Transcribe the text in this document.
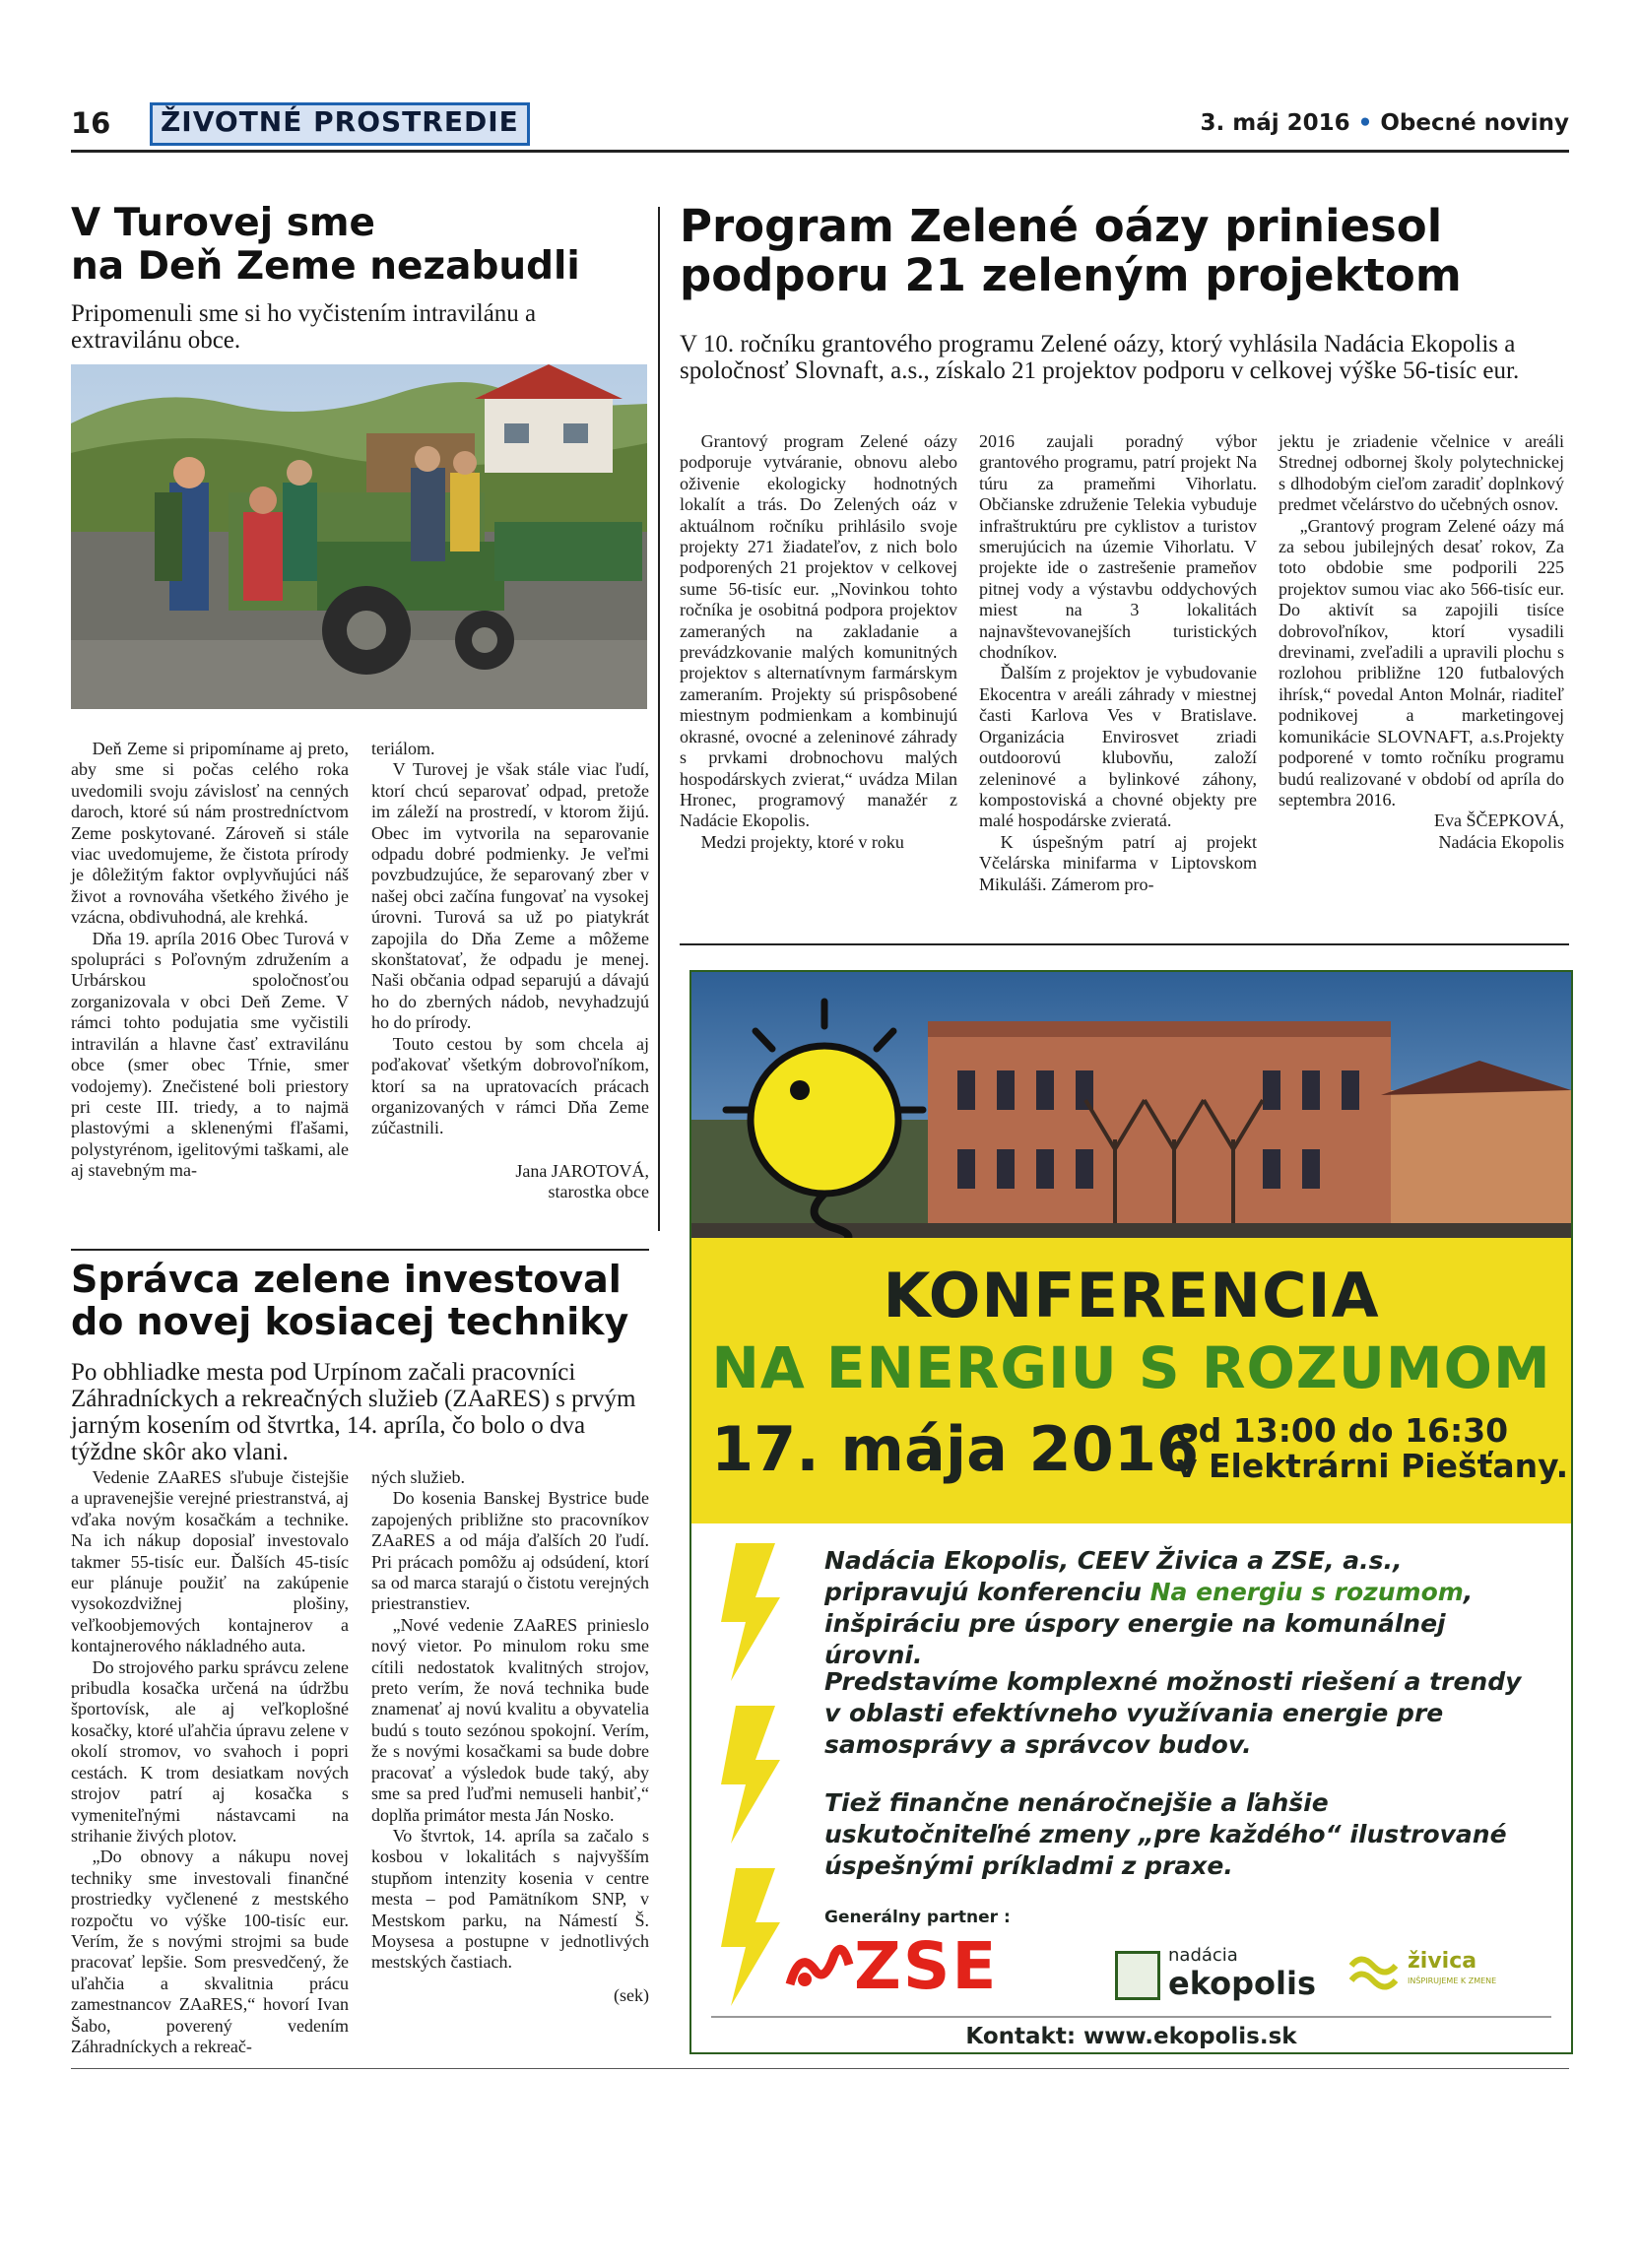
16	ŽIVOTNÉ PROSTREDIE	3. máj 2016 • Obecné noviny
V Turovej sme
na Deň Zeme nezabudli
Pripomenuli sme si ho vyčistením intravilánu a extravilánu obce.

Deň Zeme si pripomíname aj preto, aby sme si počas celého roka uvedomili svoju závislosť na cenných daroch, ktoré sú nám prostredníctvom Zeme poskytované. Zároveň si stále viac uvedomujeme, že čistota prírody je dôležitým faktor ovplyvňujúci náš život a rovnováha všetkého živého je vzácna, obdivuhodná, ale krehká.

Dňa 19. apríla 2016 Obec Turová v spolupráci s Poľovným združením a Urbárskou spoločnosťou zorganizovala v obci Deň Zeme. V rámci tohto podujatia sme vyčistili intravilán a hlavne časť extravilánu obce (smer obec Tŕnie, smer vodojemy). Znečistené boli priestory pri ceste III. triedy, a to najmä plastovými a sklenenými fľašami, polystyrénom, igelitovými taškami, ale aj stavebným ma-

teriálom.

V Turovej je však stále viac ľudí, ktorí chcú separovať odpad, pretože im záleží na prostredí, v ktorom žijú. Obec im vytvorila na separovanie odpadu dobré podmienky. Je veľmi povzbudzujúce, že separovaný zber v našej obci začína fungovať na vysokej úrovni. Turová sa už po piatykrát zapojila do Dňa Zeme a môžeme skonštatovať, že odpadu je menej. Naši občania odpad separujú a dávajú ho do zberných nádob, nevyhadzujú ho do prírody.

Touto cestou by som chcela aj poďakovať všetkým dobrovoľníkom, ktorí sa na upratovacích prácach organizovaných v rámci Dňa Zeme zúčastnili.

Jana JAROTOVÁ,
starostka obce
Program Zelené oázy priniesol
podporu 21 zeleným projektom
V 10. ročníku grantového programu Zelené oázy, ktorý vyhlásila Nadácia Ekopolis a spoločnosť Slovnaft, a.s., získalo 21 projektov podporu v celkovej výške 56-tisíc eur.

Grantový program Zelené oázy podporuje vytváranie, obnovu alebo oživenie ekologicky hodnotných lokalít a trás. Do Zelených oáz v aktuálnom ročníku prihlásilo svoje projekty 271 žiadateľov, z nich bolo podporených 21 projektov v celkovej sume 56-tisíc eur. „Novinkou tohto ročníka je osobitná podpora projektov zameraných na zakladanie a prevádzkovanie malých komunitných projektov s alternatívnym farmárskym zameraním. Projekty sú prispôsobené miestnym podmienkam a kombinujú okrasné, ovocné a zeleninové záhrady s prvkami drobnochovu malých hospodárskych zvierat,“ uvádza Milan Hronec, programový manažér z Nadácie Ekopolis.

Medzi projekty, ktoré v roku

2016 zaujali poradný výbor grantového programu, patrí projekt Na túru za prameňmi Vihorlatu. Občianske združenie Telekia vybuduje infraštruktúru pre cyklistov a turistov smerujúcich na územie Vihorlatu. V projekte ide o zastrešenie prameňov pitnej vody a výstavbu oddychových miest na 3 lokalitách najnavštevovanejších turistických chodníkov.

Ďalším z projektov je vybudovanie Ekocentra v areáli záhrady v miestnej časti Karlova Ves v Bratislave. Organizácia Envirosvet zriadi outdoorovú klubovňu, založí zeleninové a bylinkové záhony, kompostoviská a chovné objekty pre malé hospodárske zvieratá.

K úspešným patrí aj projekt Včelárska minifarma v Liptovskom Mikuláši. Zámerom pro-

jektu je zriadenie včelnice v areáli Strednej odbornej školy polytechnickej s dlhodobým cieľom zaradiť doplnkový predmet včelárstvo do učebných osnov.

„Grantový program Zelené oázy má za sebou jubilejných desať rokov, Za toto obdobie sme podporili 225 projektov sumou viac ako 566-tisíc eur. Do aktivít sa zapojili tisíce dobrovoľníkov, ktorí vysadili drevinami, zveľadili a upravili plochu s rozlohou približne 120 futbalových ihrísk,“ povedal Anton Molnár, riaditeľ podnikovej a marketingovej komunikácie SLOVNAFT, a.s.Projekty podporené v tomto ročníku programu budú realizované v období od apríla do septembra 2016.

Eva ŠČEPKOVÁ,
Nadácia Ekopolis
Správca zelene investoval
do novej kosiacej techniky
Po obhliadke mesta pod Urpínom začali pracovníci Záhradníckych a rekreačných služieb (ZAaRES) s prvým jarným kosením od štvrtka, 14. apríla, čo bolo o dva týždne skôr ako vlani.

Vedenie ZAaRES sľubuje čistejšie a upravenejšie verejné priestranstvá, aj vďaka novým kosačkám a technike. Na ich nákup doposiaľ investovalo takmer 55-tisíc eur. Ďalších 45-tisíc eur plánuje použiť na zakúpenie vysokozdvižnej plošiny, veľkoobjemových kontajnerov a kontajnerového nákladného auta.

Do strojového parku správcu zelene pribudla kosačka určená na údržbu športovísk, ale aj veľkoplošné kosačky, ktoré uľahčia úpravu zelene v okolí stromov, vo svahoch i popri cestách. K trom desiatkam nových strojov patrí aj kosačka s vymeniteľnými nástavcami na strihanie živých plotov.

„Do obnovy a nákupu novej techniky sme investovali finančné prostriedky vyčlenené z mestského rozpočtu vo výške 100-tisíc eur. Verím, že s novými strojmi sa bude pracovať lepšie. Som presvedčený, že uľahčia a skvalitnia prácu zamestnancov ZAaRES,“ hovorí Ivan Šabo, poverený vedením Záhradníckych a rekreač-

ných služieb.

Do kosenia Banskej Bystrice bude zapojených približne sto pracovníkov ZAaRES a od mája ďalších 20 ľudí. Pri prácach pomôžu aj odsúdení, ktorí sa od marca starajú o čistotu verejných priestranstiev.

„Nové vedenie ZAaRES prinieslo nový vietor. Po minulom roku sme cítili nedostatok kvalitných strojov, preto verím, že nová technika bude znamenať aj novú kvalitu a obyvatelia budú s touto sezónou spokojní. Verím, že s novými kosačkami sa bude dobre pracovať a výsledok bude taký, aby sme sa pred ľuďmi nemuseli hanbiť,“ doplňa primátor mesta Ján Nosko.

Vo štvrtok, 14. apríla sa začalo s kosbou v lokalitách s najvyšším stupňom intenzity kosenia v centre mesta – pod Pamätníkom SNP, v Mestskom parku, na Námestí Š. Moysesa a postupne v jednotlivých mestských častiach.

(sek)
KONFERENCIA
NA ENERGIU S ROZUMOM
17. mája 2016
od 13:00 do 16:30
v Elektrárni Piešťany.
Nadácia Ekopolis, CEEV Živica a ZSE, a.s., pripravujú konferenciu Na energiu s rozumom, inšpiráciu pre úspory energie na komunálnej úrovni.
Predstavíme komplexné možnosti riešení a trendy v oblasti efektívneho využívania energie pre samosprávy a správcov budov.
Tiež finančne nenáročnejšie a ľahšie uskutočniteľné zmeny „pre každého“ ilustrované úspešnými príkladmi z praxe.
Generálny partner :
ZSE	nadácia
ekopolis
živica
INŠPIRUJEME K ZMENE
Kontakt: www.ekopolis.sk
